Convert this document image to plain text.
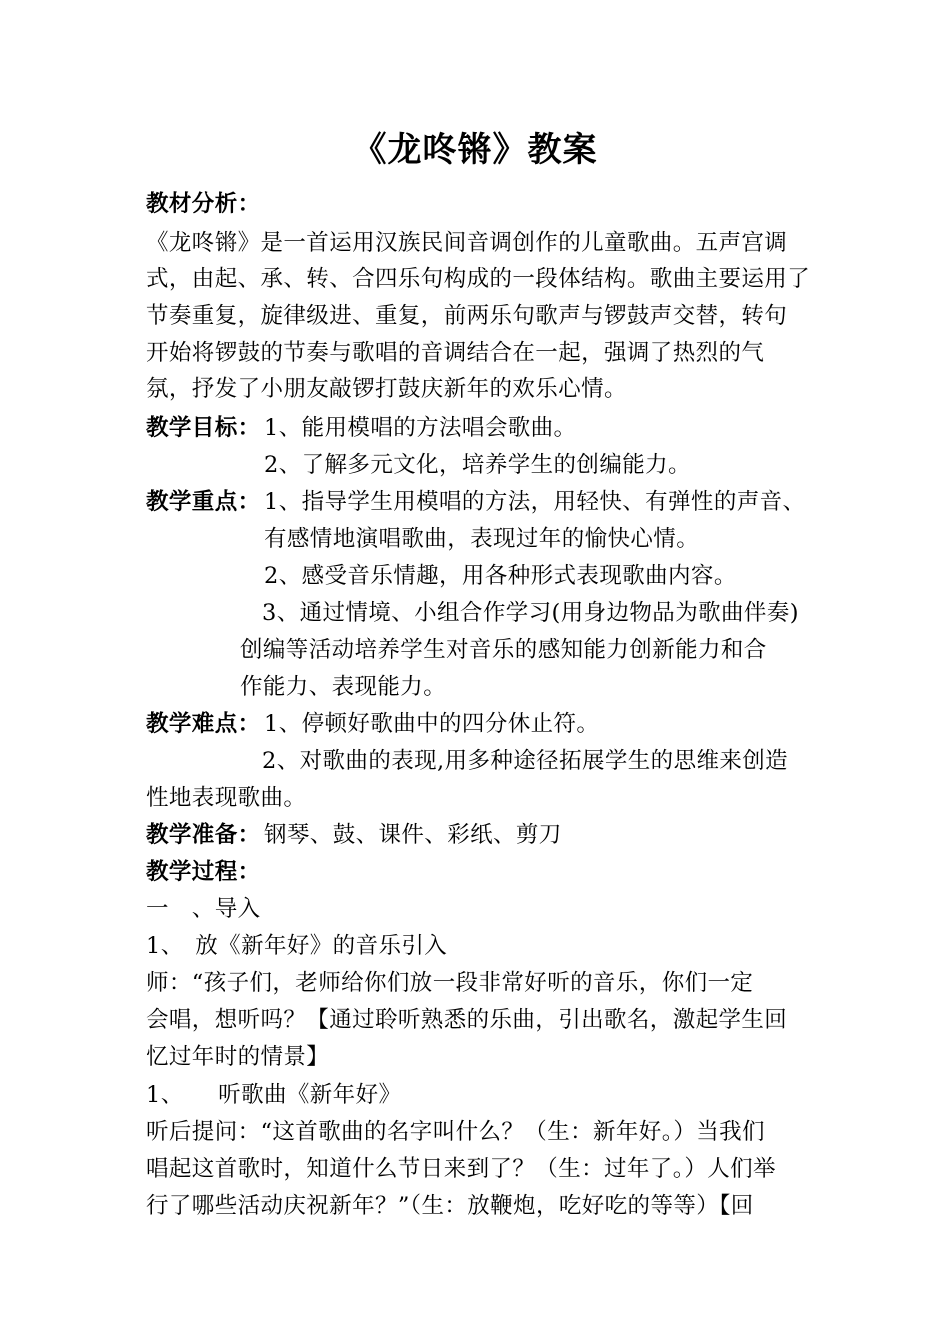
《龙咚锵》教案
教材分析：
《龙咚锵》是一首运用汉族民间音调创作的儿童歌曲。五声宫调
式，由起、承、转、合四乐句构成的一段体结构。歌曲主要运用了
节奏重复，旋律级进、重复，前两乐句歌声与锣鼓声交替，转句
开始将锣鼓的节奏与歌唱的音调结合在一起，强调了热烈的气
氛，抒发了小朋友敲锣打鼓庆新年的欢乐心情。
教学目标： 1、能用模唱的方法唱会歌曲。
2、了解多元文化，培养学生的创编能力。
教学重点： 1、指导学生用模唱的方法，用轻快、有弹性的声音、
有感情地演唱歌曲，表现过年的愉快心情。
2、感受音乐情趣，用各种形式表现歌曲内容。
3、通过情境、小组合作学习(用身边物品为歌曲伴奏)
创编等活动培养学生对音乐的感知能力创新能力和合
作能力、表现能力。
教学难点： 1、停顿好歌曲中的四分休止符。
2、对歌曲的表现,用多种途径拓展学生的思维来创造
性地表现歌曲。
教学准备： 钢琴、鼓、课件、彩纸、剪刀
教学过程：
一　、导入
1、　放《新年好》的音乐引入
师：“孩子们，老师给你们放一段非常好听的音乐，你们一定
会唱，想听吗？【通过聆听熟悉的乐曲，引出歌名，激起学生回
忆过年时的情景】
1、　　听歌曲《新年好》
听后提问：“这首歌曲的名字叫什么？（生：新年好。）当我们
唱起这首歌时，知道什么节日来到了？（生：过年了。）人们举
行了哪些活动庆祝新年？”（生：放鞭炮，吃好吃的等等）【回
